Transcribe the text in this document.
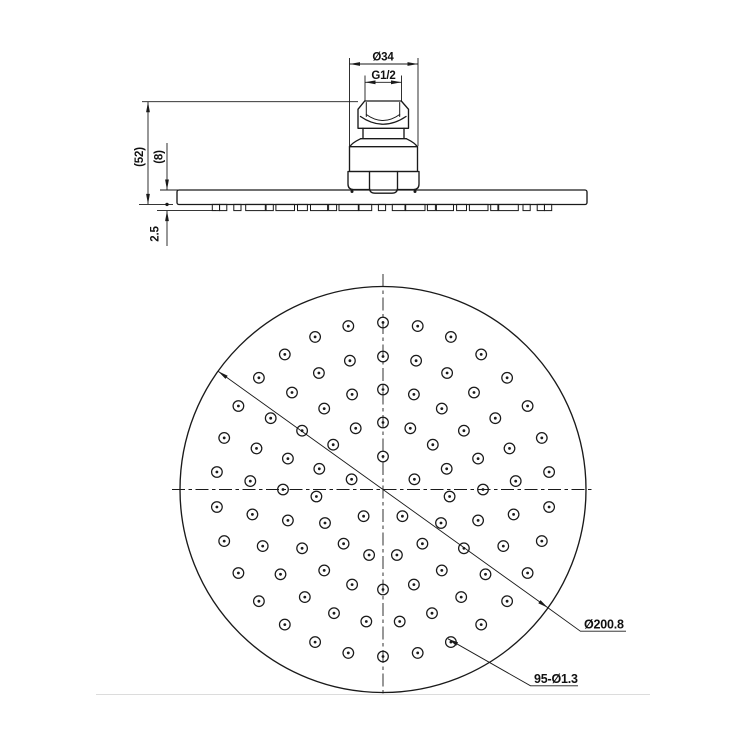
Ø34
G1/2
(52) (8)
2.5
Ø200.8
95-Ø1.3
